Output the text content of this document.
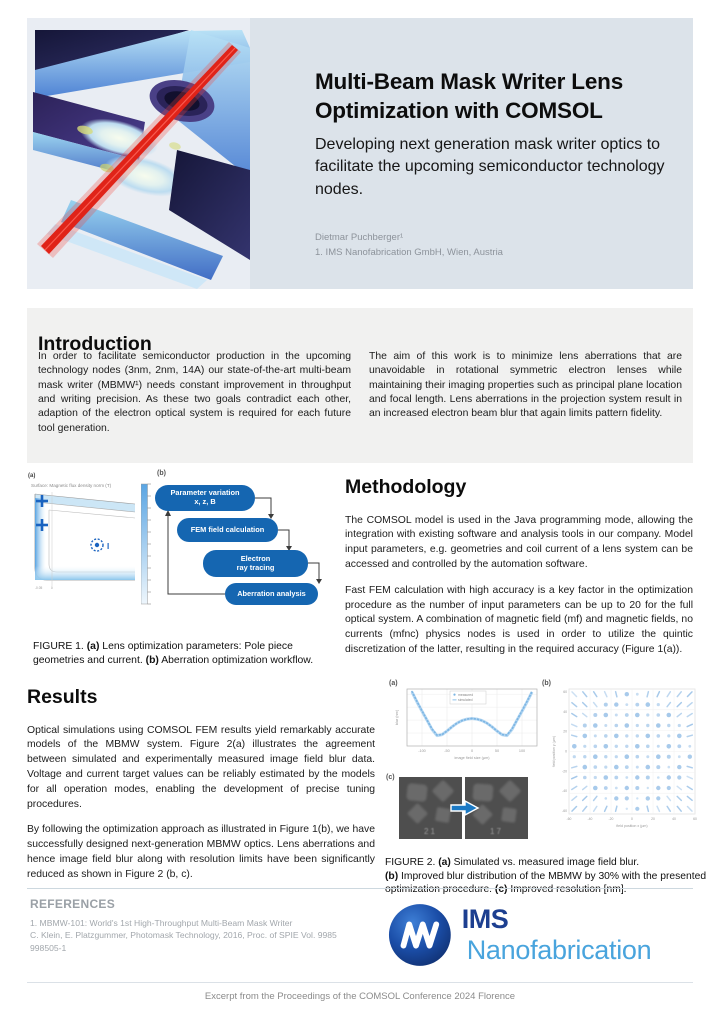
Multi-Beam Mask Writer Lens Optimization with COMSOL
Developing next generation mask writer optics to facilitate the upcoming semiconductor technology nodes.
Dietmar Puchberger¹
1. IMS Nanofabrication GmbH, Wien, Austria
Introduction
In order to facilitate semiconductor production in the upcoming technology nodes (3nm, 2nm, 14A) our state-of-the-art multi-beam mask writer (MBMW¹) needs constant improvement in throughput and writing precision. As these two goals contradict each other, adaption of the electron optical system is required for each future tool generation.
The aim of this work is to minimize lens aberrations that are unavoidable in rotational symmetric electron lenses while maintaining their imaging properties such as principal plane location and focal length. Lens aberrations in the projection system result in an increased electron beam blur that again limits pattern fidelity.
(a)
Surface: Magnetic flux density norm (T)
I
-0.05	0
(b)
Parameter variation
x, z, B
FEM field calculation
Electron
ray tracing
Aberration analysis

FIGURE 1. (a) Lens optimization parameters: Pole piece geometries and current. (b) Aberration optimization workflow.

Methodology

The COMSOL model is used in the Java programming mode, allowing the integration with existing software and analysis tools in our company. Model input parameters, e.g. geometries and coil current of a lens system can be accessed and controlled by the automation software.

Fast FEM calculation with high accuracy is a key factor in the optimization procedure as the number of input parameters can be up to 20 for the full optical system. A combination of magnetic field (mf) and magnetic fields, no currents (mfnc) physics nodes is used in order to utilize the quintic discretization of the latter, resulting in the required accuracy (Figure 1(a)).

Results

Optical simulations using COMSOL FEM results yield remarkably accurate models of the MBMW system. Figure 2(a) illustrates the agreement between simulated and experimentally measured image field blur data. Voltage and current target values can be reliably estimated by the models for all operation modes, enabling the development of precise tuning procedures.

By following the optimization approach as illustrated in Figure 1(b), we have successfully designed next-generation MBMW optics. Lens aberrations and hence image field blur along with resolution limits have been significantly reduced as shown in Figure 2 (b, c).

(a)
-100	-50	0	50	100
measured
simulated
image field size (µm)
blur (nm)
(b)
-60	-40	-20	0	20	40	60
60
40
20
0
-20
-40
-60
field position x (µm)
field position y (µm)
(c)
21	17

FIGURE 2. (a) Simulated vs. measured image field blur.
(b) Improved blur distribution of the MBMW by 30% with the presented optimization procedure. (c) Improved resolution [nm].

REFERENCES

1. MBMW-101: World's 1st High-Throughput Multi-Beam Mask Writer
C. Klein, E. Platzgummer, Photomask Technology, 2016, Proc. of SPIE Vol. 9985
998505-1
IMS Nanofabrication
Excerpt from the Proceedings of the COMSOL Conference 2024 Florence
